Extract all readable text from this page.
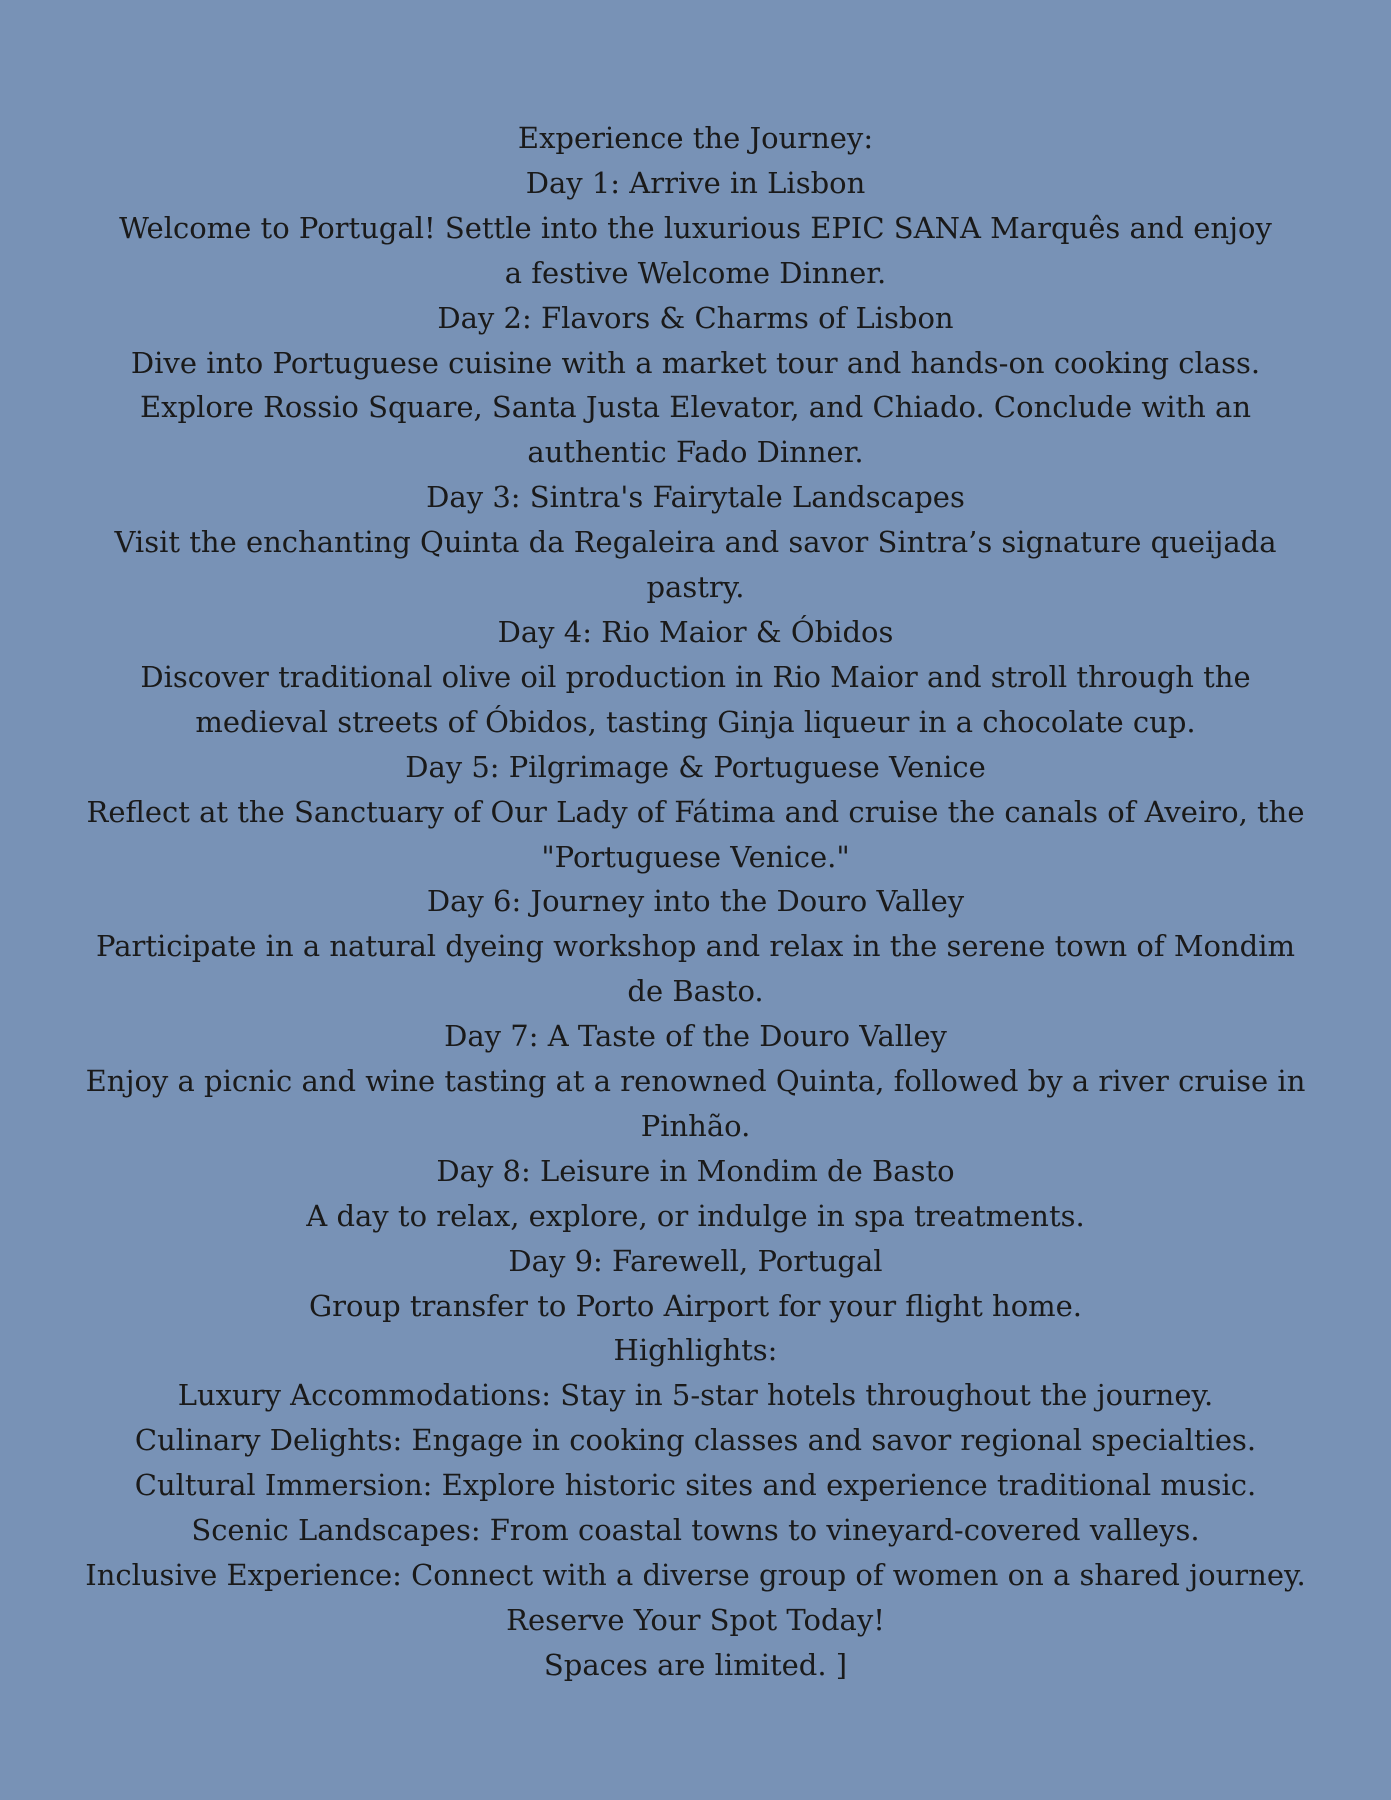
Experience the Journey:

Day 1: Arrive in Lisbon

Welcome to Portugal! Settle into the luxurious EPIC SANA Marquês and enjoy a festive Welcome Dinner.

Day 2: Flavors & Charms of Lisbon

Dive into Portuguese cuisine with a market tour and hands-on cooking class.

Explore Rossio Square, Santa Justa Elevator, and Chiado. Conclude with an authentic Fado Dinner.

Day 3: Sintra's Fairytale Landscapes

Visit the enchanting Quinta da Regaleira and savor Sintra’s signature queijada pastry.

Day 4: Rio Maior & Óbidos

Discover traditional olive oil production in Rio Maior and stroll through the medieval streets of Óbidos, tasting Ginja liqueur in a chocolate cup.

Day 5: Pilgrimage & Portuguese Venice

Reflect at the Sanctuary of Our Lady of Fátima and cruise the canals of Aveiro, the "Portuguese Venice."

Day 6: Journey into the Douro Valley

Participate in a natural dyeing workshop and relax in the serene town of Mondim de Basto.

Day 7: A Taste of the Douro Valley

Enjoy a picnic and wine tasting at a renowned Quinta, followed by a river cruise in Pinhão.

Day 8: Leisure in Mondim de Basto

A day to relax, explore, or indulge in spa treatments.

Day 9: Farewell, Portugal

Group transfer to Porto Airport for your flight home.

Highlights:

Luxury Accommodations: Stay in 5-star hotels throughout the journey.

Culinary Delights: Engage in cooking classes and savor regional specialties.

Cultural Immersion: Explore historic sites and experience traditional music.

Scenic Landscapes: From coastal towns to vineyard-covered valleys.

Inclusive Experience: Connect with a diverse group of women on a shared journey.

Reserve Your Spot Today!

Spaces are limited. ]
